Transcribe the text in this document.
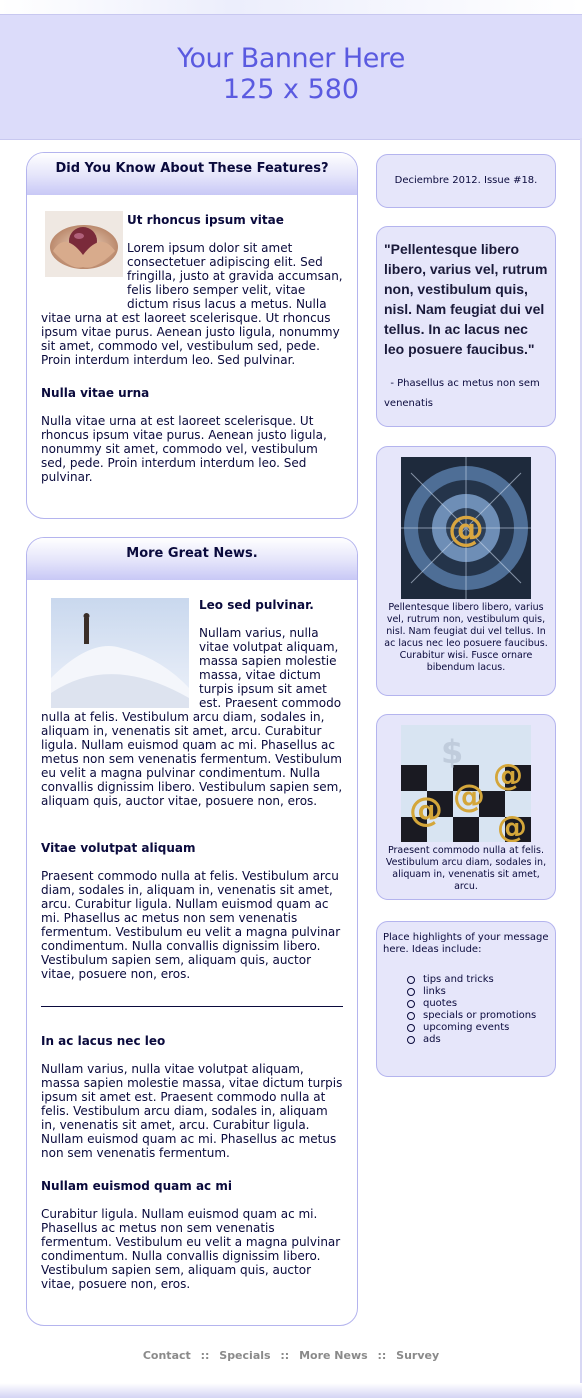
Your Banner Here
125 x 580
Did You Know About These Features?
Ut rhoncus ipsum vitae
Lorem ipsum dolor sit amet consectetuer adipiscing elit. Sed fringilla, justo at gravida accumsan, felis libero semper velit, vitae dictum risus lacus a metus. Nulla vitae urna at est laoreet scelerisque. Ut rhoncus ipsum vitae purus. Aenean justo ligula, nonummy sit amet, commodo vel, vestibulum sed, pede. Proin interdum interdum leo. Sed pulvinar.
Nulla vitae urna
Nulla vitae urna at est laoreet scelerisque. Ut rhoncus ipsum vitae purus. Aenean justo ligula, nonummy sit amet, commodo vel, vestibulum sed, pede. Proin interdum interdum leo. Sed pulvinar.
More Great News.
Leo sed pulvinar.
Nullam varius, nulla vitae volutpat aliquam, massa sapien molestie massa, vitae dictum turpis ipsum sit amet est. Praesent commodo nulla at felis. Vestibulum arcu diam, sodales in, aliquam in, venenatis sit amet, arcu. Curabitur ligula. Nullam euismod quam ac mi. Phasellus ac metus non sem venenatis fermentum. Vestibulum eu velit a magna pulvinar condimentum. Nulla convallis dignissim libero. Vestibulum sapien sem, aliquam quis, auctor vitae, posuere non, eros.
Vitae volutpat aliquam
Praesent commodo nulla at felis. Vestibulum arcu diam, sodales in, aliquam in, venenatis sit amet, arcu. Curabitur ligula. Nullam euismod quam ac mi. Phasellus ac metus non sem venenatis fermentum. Vestibulum eu velit a magna pulvinar condimentum. Nulla convallis dignissim libero. Vestibulum sapien sem, aliquam quis, auctor vitae, posuere non, eros.
In ac lacus nec leo
Nullam varius, nulla vitae volutpat aliquam, massa sapien molestie massa, vitae dictum turpis ipsum sit amet est. Praesent commodo nulla at felis. Vestibulum arcu diam, sodales in, aliquam in, venenatis sit amet, arcu. Curabitur ligula. Nullam euismod quam ac mi. Phasellus ac metus non sem venenatis fermentum.
Nullam euismod quam ac mi
Curabitur ligula. Nullam euismod quam ac mi. Phasellus ac metus non sem venenatis fermentum. Vestibulum eu velit a magna pulvinar condimentum. Nulla convallis dignissim libero. Vestibulum sapien sem, aliquam quis, auctor vitae, posuere non, eros.
Deciembre 2012. Issue #18.
"Pellentesque libero libero, varius vel, rutrum non, vestibulum quis, nisl. Nam feugiat dui vel tellus. In ac lacus nec leo posuere faucibus."
- Phasellus ac metus non sem venenatis
@
Pellentesque libero libero, varius vel, rutrum non, vestibulum quis, nisl. Nam feugiat dui vel tellus. In ac lacus nec leo posuere faucibus. Curabitur wisi. Fusce ornare bibendum lacus.
$
@ @
@
@
Praesent commodo nulla at felis. Vestibulum arcu diam, sodales in, aliquam in, venenatis sit amet, arcu.
Place highlights of your message here. Ideas include:
tips and tricks
links
quotes
specials or promotions
upcoming events
ads
Contact :: Specials :: More News :: Survey
